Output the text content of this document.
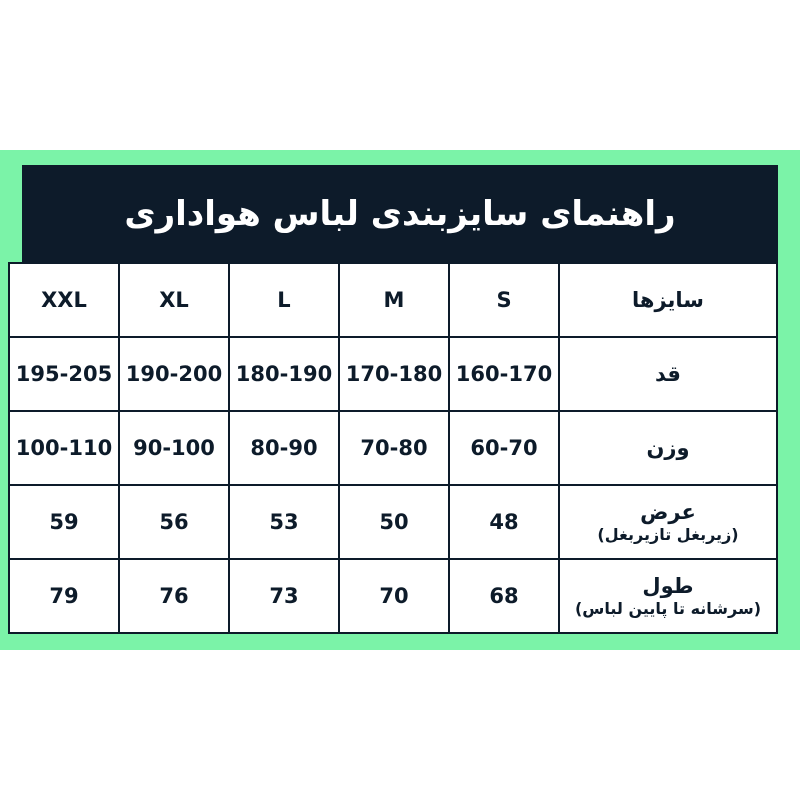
راهنمای سایزبندی لباس هواداری
سایزها	S	M	L	XL	XXL
قد	160-170	170-180	180-190	190-200	195-205
وزن	60-70	70-80	80-90	90-100	100-110

عرض
(زیربغل تازیربغل)	48	50	53	56	59

طول
(سرشانه تا پایین لباس)	68	70	73	76	79
